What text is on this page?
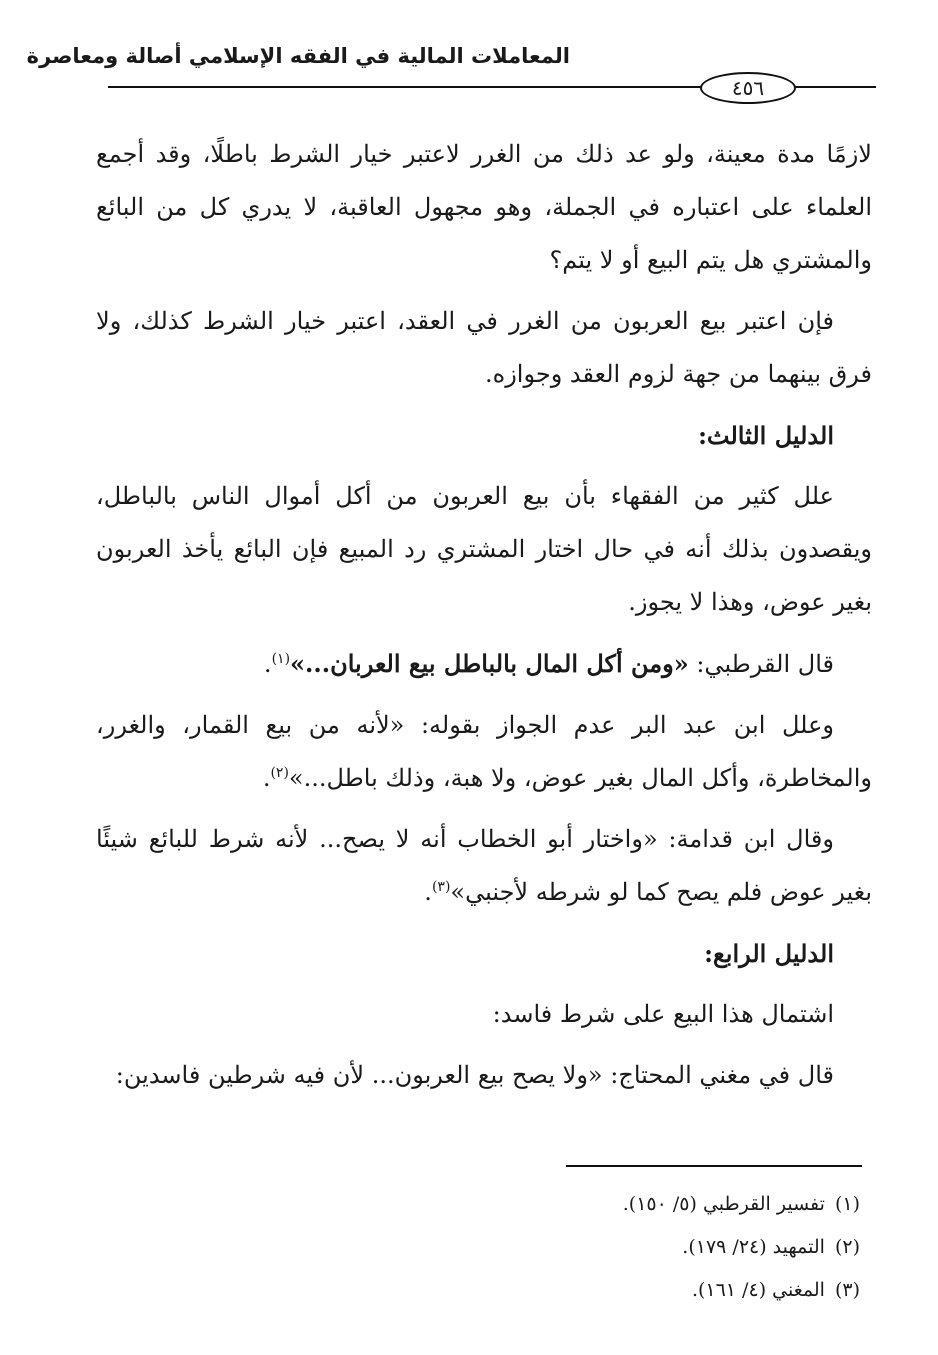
المعاملات المالية في الفقه الإسلامي أصالة ومعاصرة
٤٥٦

لازمًا مدة معينة، ولو عد ذلك من الغرر لاعتبر خيار الشرط باطلًا، وقد أجمع العلماء على اعتباره في الجملة، وهو مجهول العاقبة، لا يدري كل من البائع والمشتري هل يتم البيع أو لا يتم؟

فإن اعتبر بيع العربون من الغرر في العقد، اعتبر خيار الشرط كذلك، ولا فرق بينهما من جهة لزوم العقد وجوازه.

الدليل الثالث:

علل كثير من الفقهاء بأن بيع العربون من أكل أموال الناس بالباطل، ويقصدون بذلك أنه في حال اختار المشتري رد المبيع فإن البائع يأخذ العربون بغير عوض، وهذا لا يجوز.

قال القرطبي: «ومن أكل المال بالباطل بيع العربان...»$^{(١)}$.

وعلل ابن عبد البر عدم الجواز بقوله: «لأنه من بيع القمار، والغرر، والمخاطرة، وأكل المال بغير عوض، ولا هبة، وذلك باطل...»$^{(٢)}$.

وقال ابن قدامة: «واختار أبو الخطاب أنه لا يصح... لأنه شرط للبائع شيئًا بغير عوض فلم يصح كما لو شرطه لأجنبي»$^{(٣)}$.

الدليل الرابع:

اشتمال هذا البيع على شرط فاسد:

قال في مغني المحتاج: «ولا يصح بيع العربون... لأن فيه شرطين فاسدين:

(١)تفسير القرطبي (٥/ ١٥٠).

(٢)التمهيد (٢٤/ ١٧٩).

(٣)المغني (٤/ ١٦١).
